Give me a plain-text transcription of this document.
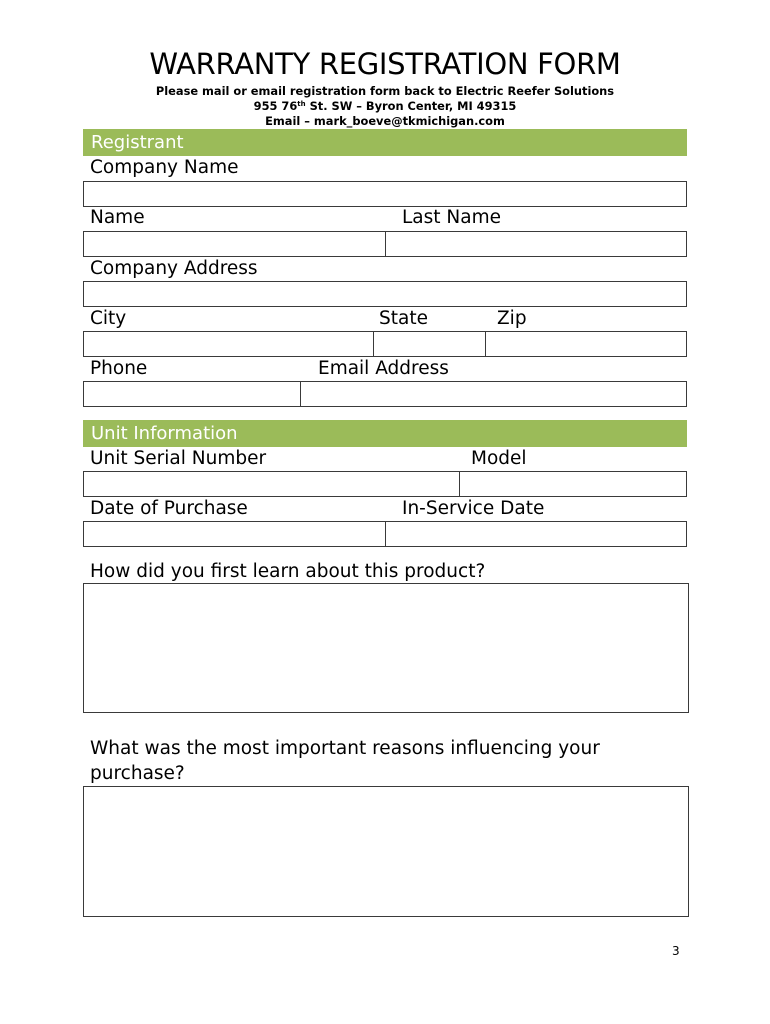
WARRANTY REGISTRATION FORM
Please mail or email registration form back to Electric Reefer Solutions
955 76th St. SW – Byron Center, MI 49315
Email – mark_boeve@tkmichigan.com
Registrant
Company Name
Name	Last Name
Company Address
City	State	Zip
Phone	Email Address
Unit Information
Unit Serial Number	Model
Date of Purchase	In-Service Date
How did you first learn about this product?
What was the most important reasons influencing your
purchase?
3
